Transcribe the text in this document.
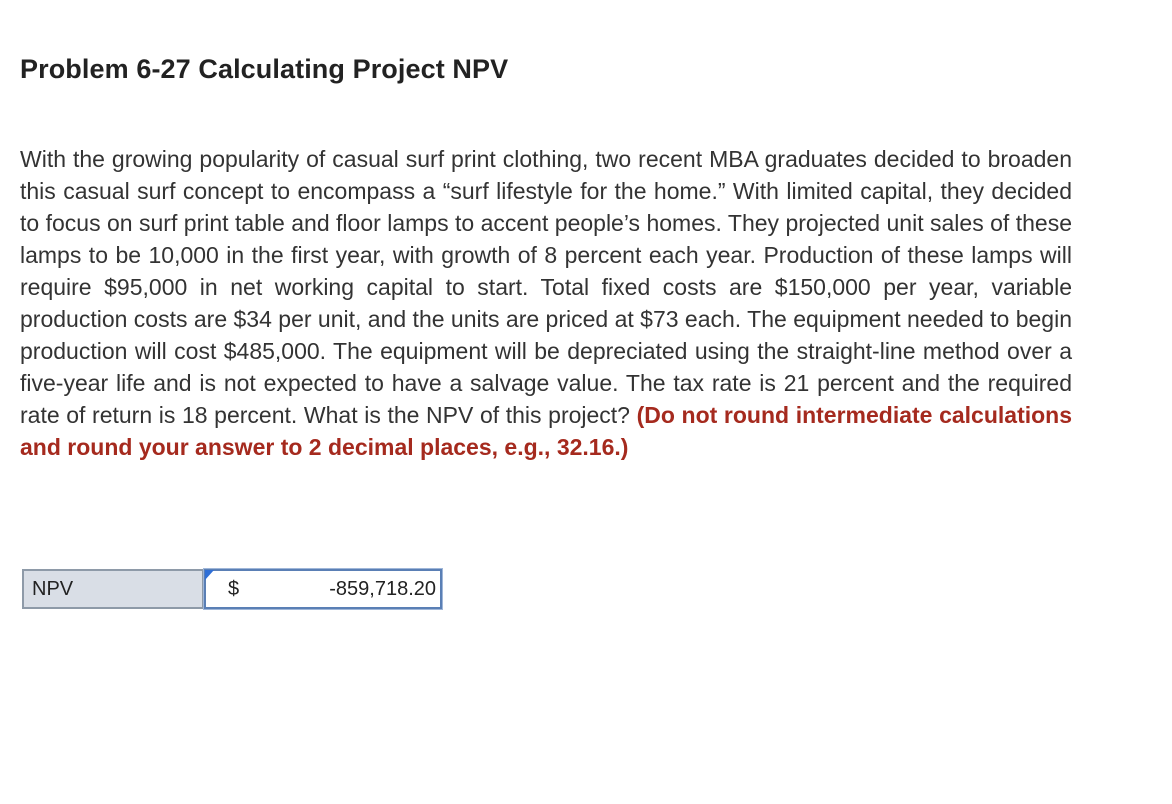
Problem 6-27 Calculating Project NPV

With the growing popularity of casual surf print clothing, two recent MBA graduates decided to broaden this casual surf concept to encompass a “surf lifestyle for the home.” With limited capital, they decided to focus on surf print table and floor lamps to accent people’s homes. They projected unit sales of these lamps to be 10,000 in the first year, with growth of 8 percent each year. Production of these lamps will require $95,000 in net working capital to start. Total fixed costs are $150,000 per year, variable production costs are $34 per unit, and the units are priced at $73 each. The equipment needed to begin production will cost $485,000. The equipment will be depreciated using the straight-line method over a five-year life and is not expected to have a salvage value. The tax rate is 21 percent and the required rate of return is 18 percent. What is the NPV of this project? (Do not round intermediate calculations and round your answer to 2 decimal places, e.g., 32.16.)

NPV	$	-859,718.20
